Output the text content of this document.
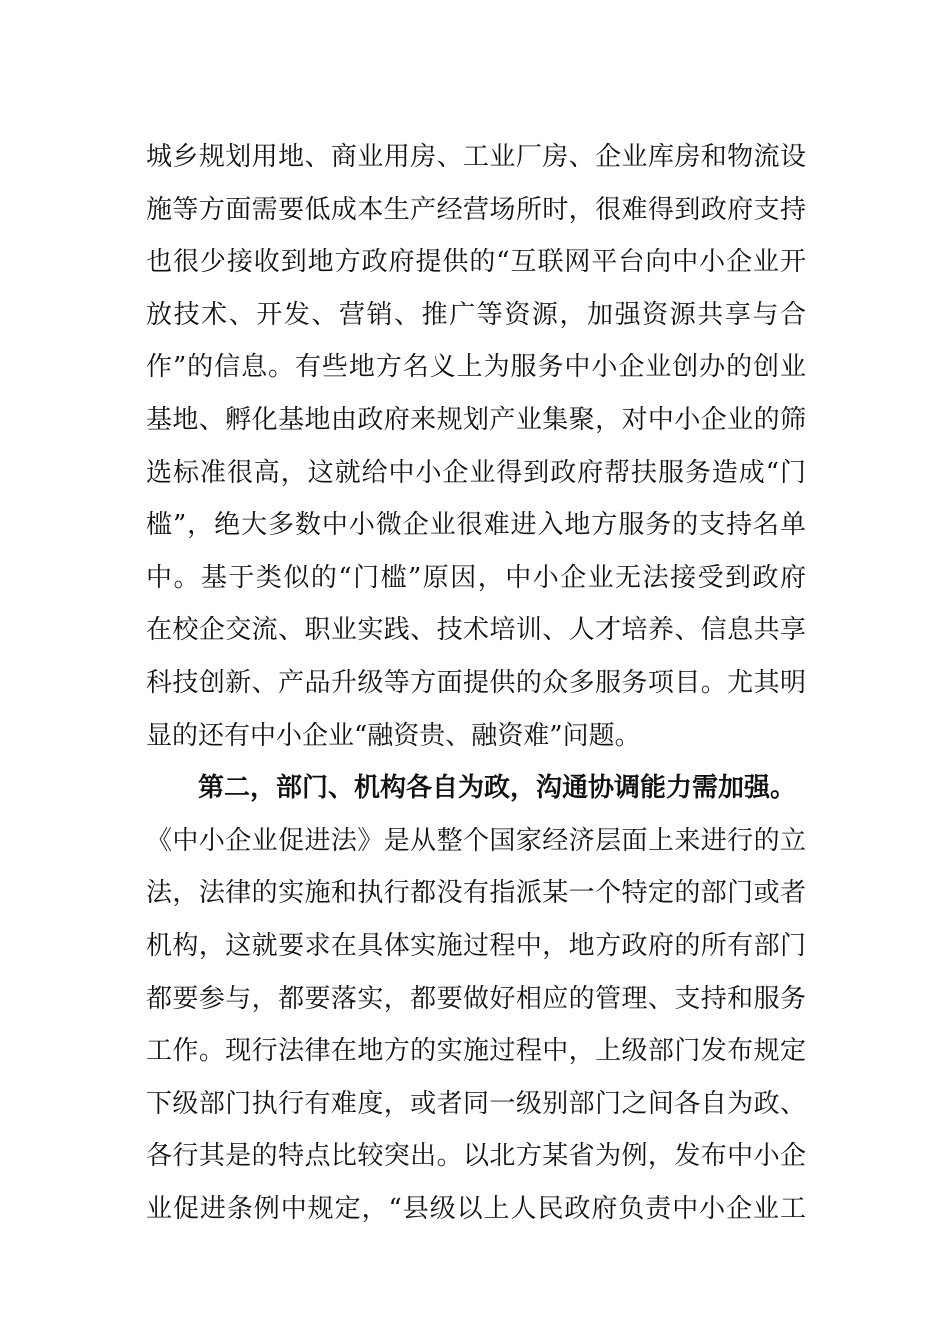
城乡规划用地、商业用房、工业厂房、企业库房和物流设
施等方面需要低成本生产经营场所时，很难得到政府支持
也很少接收到地方政府提供的“互联网平台向中小企业开
放技术、开发、营销、推广等资源，加强资源共享与合
作”的信息。有些地方名义上为服务中小企业创办的创业
基地、孵化基地由政府来规划产业集聚，对中小企业的筛
选标准很高，这就给中小企业得到政府帮扶服务造成“门
槛”，绝大多数中小微企业很难进入地方服务的支持名单
中。基于类似的“门槛”原因，中小企业无法接受到政府
在校企交流、职业实践、技术培训、人才培养、信息共享
科技创新、产品升级等方面提供的众多服务项目。尤其明
显的还有中小企业“融资贵、融资难”问题。
第二，部门、机构各自为政，沟通协调能力需加强。
《中小企业促进法》是从整个国家经济层面上来进行的立
法，法律的实施和执行都没有指派某一个特定的部门或者
机构，这就要求在具体实施过程中，地方政府的所有部门
都要参与，都要落实，都要做好相应的管理、支持和服务
工作。现行法律在地方的实施过程中，上级部门发布规定
下级部门执行有难度，或者同一级别部门之间各自为政、
各行其是的特点比较突出。以北方某省为例，发布中小企
业促进条例中规定，“县级以上人民政府负责中小企业工
